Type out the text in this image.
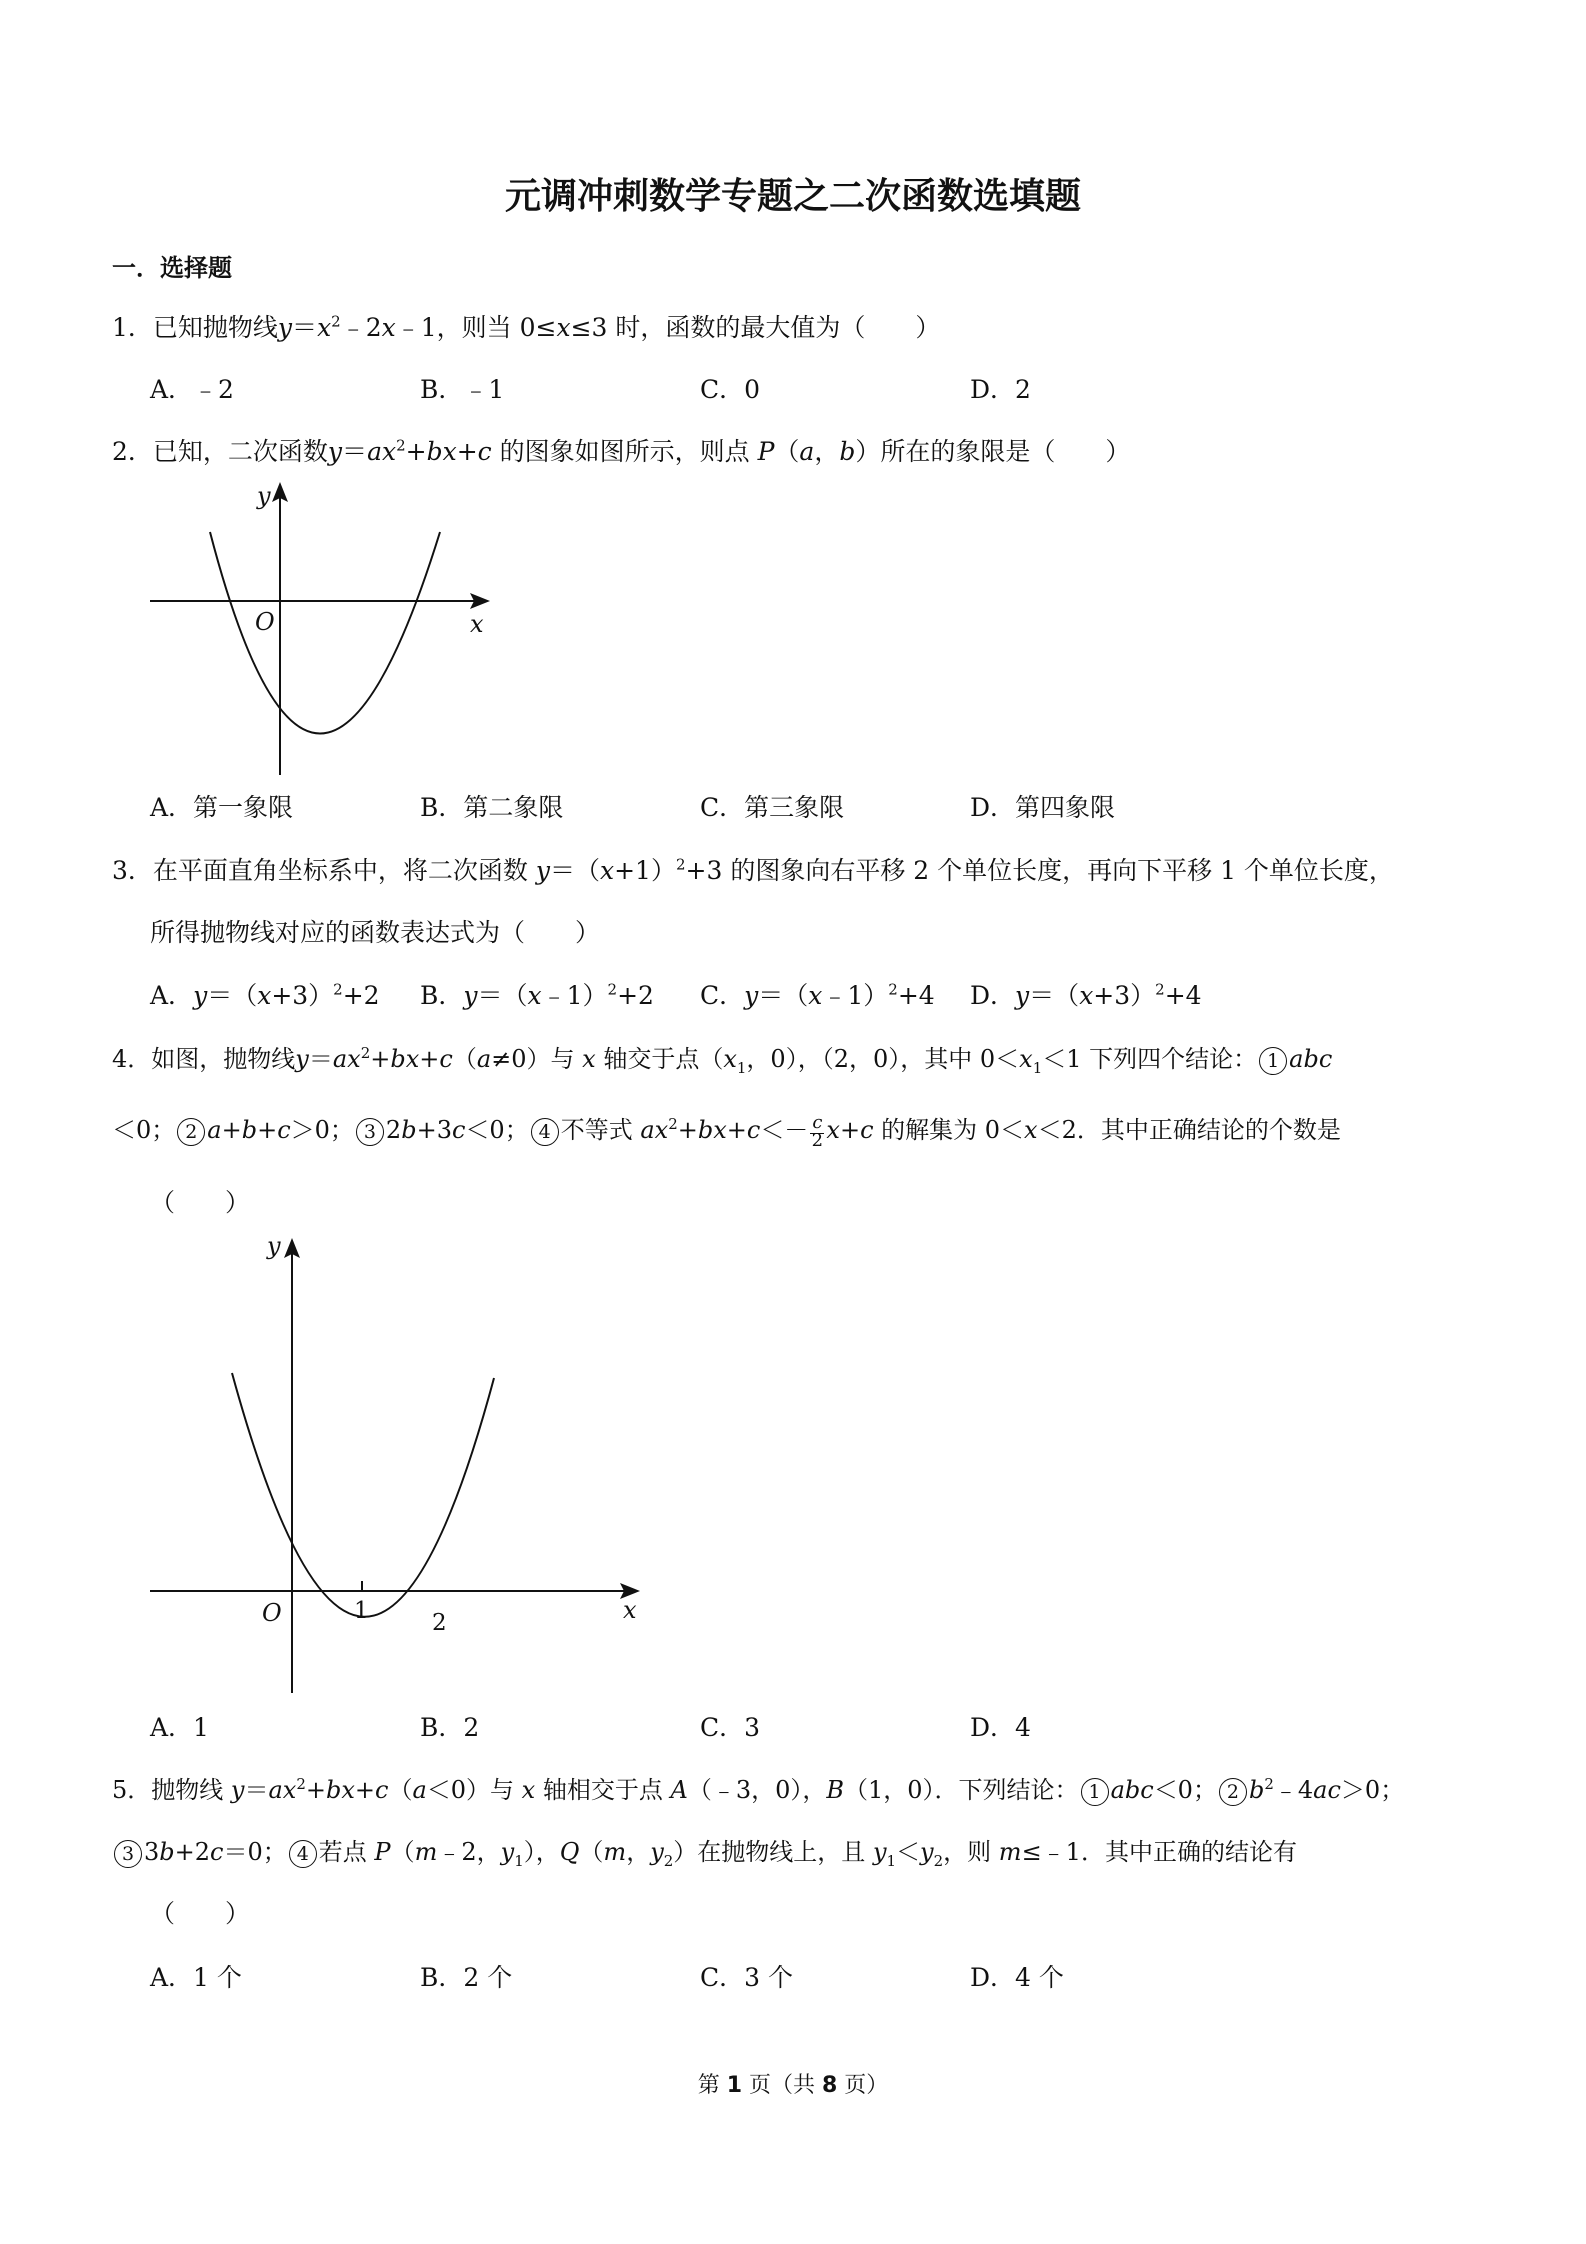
元调冲刺数学专题之二次函数选填题
一．选择题
1．已知抛物线$y=x^2﹣2x﹣1$，则当 0≤x≤3 时，函数的最大值为（　　）
A．﹣2	B．﹣1	C．0	D．2
2．已知，二次函数$y=ax^2+bx+c$ 的图象如图所示，则点 P（a，b）所在的象限是（　　）
y
x
O
A．第一象限	B．第二象限	C．第三象限	D．第四象限
3．在平面直角坐标系中，将二次函数 $y=(x+1)^2+3$ 的图象向右平移 2 个单位长度，再向下平移 1 个单位长度，
所得抛物线对应的函数表达式为（　　）
A．$y=(x+3)^2+2$ B．y＝（x﹣1）$^2$+2 C．y＝（x﹣1）$^2$+4 D．$y=(x+3)^2+4$
4．如图，抛物线$y=ax^2+bx+c(a\ne 0)$与 x 轴交于点（$x_1$，0），（2，0），其中 $0<x_1<1$ 下列四个结论： 1 abc
＜0； 2 a+b+c＞0； 3 2b+3c＜0； 4 不等式 $ax^2+bx+c<- \frac{c}{2} x+c$ 的解集为 0＜x＜2．其中正确结论的个数是
（　　）
y
x
O	1	2
A．1	B．2	C．3	D．4
5．抛物线 $y=ax^2+bx+c(a<0)$与 x 轴相交于点 A（﹣3，0），B（1，0）．下列结论： 1 abc＜0； 2 $b^2﹣4ac>0$；
3 3b+2c＝0； 4 若点 P（m﹣2，$y_1$），Q（m，$y_2$）在抛物线上，且 $y_1<y_2$，则 m≤﹣1．其中正确的结论有
（　　）
A．1 个	B．2 个	C．3 个	D．4 个
第 1 页（共 8 页）
